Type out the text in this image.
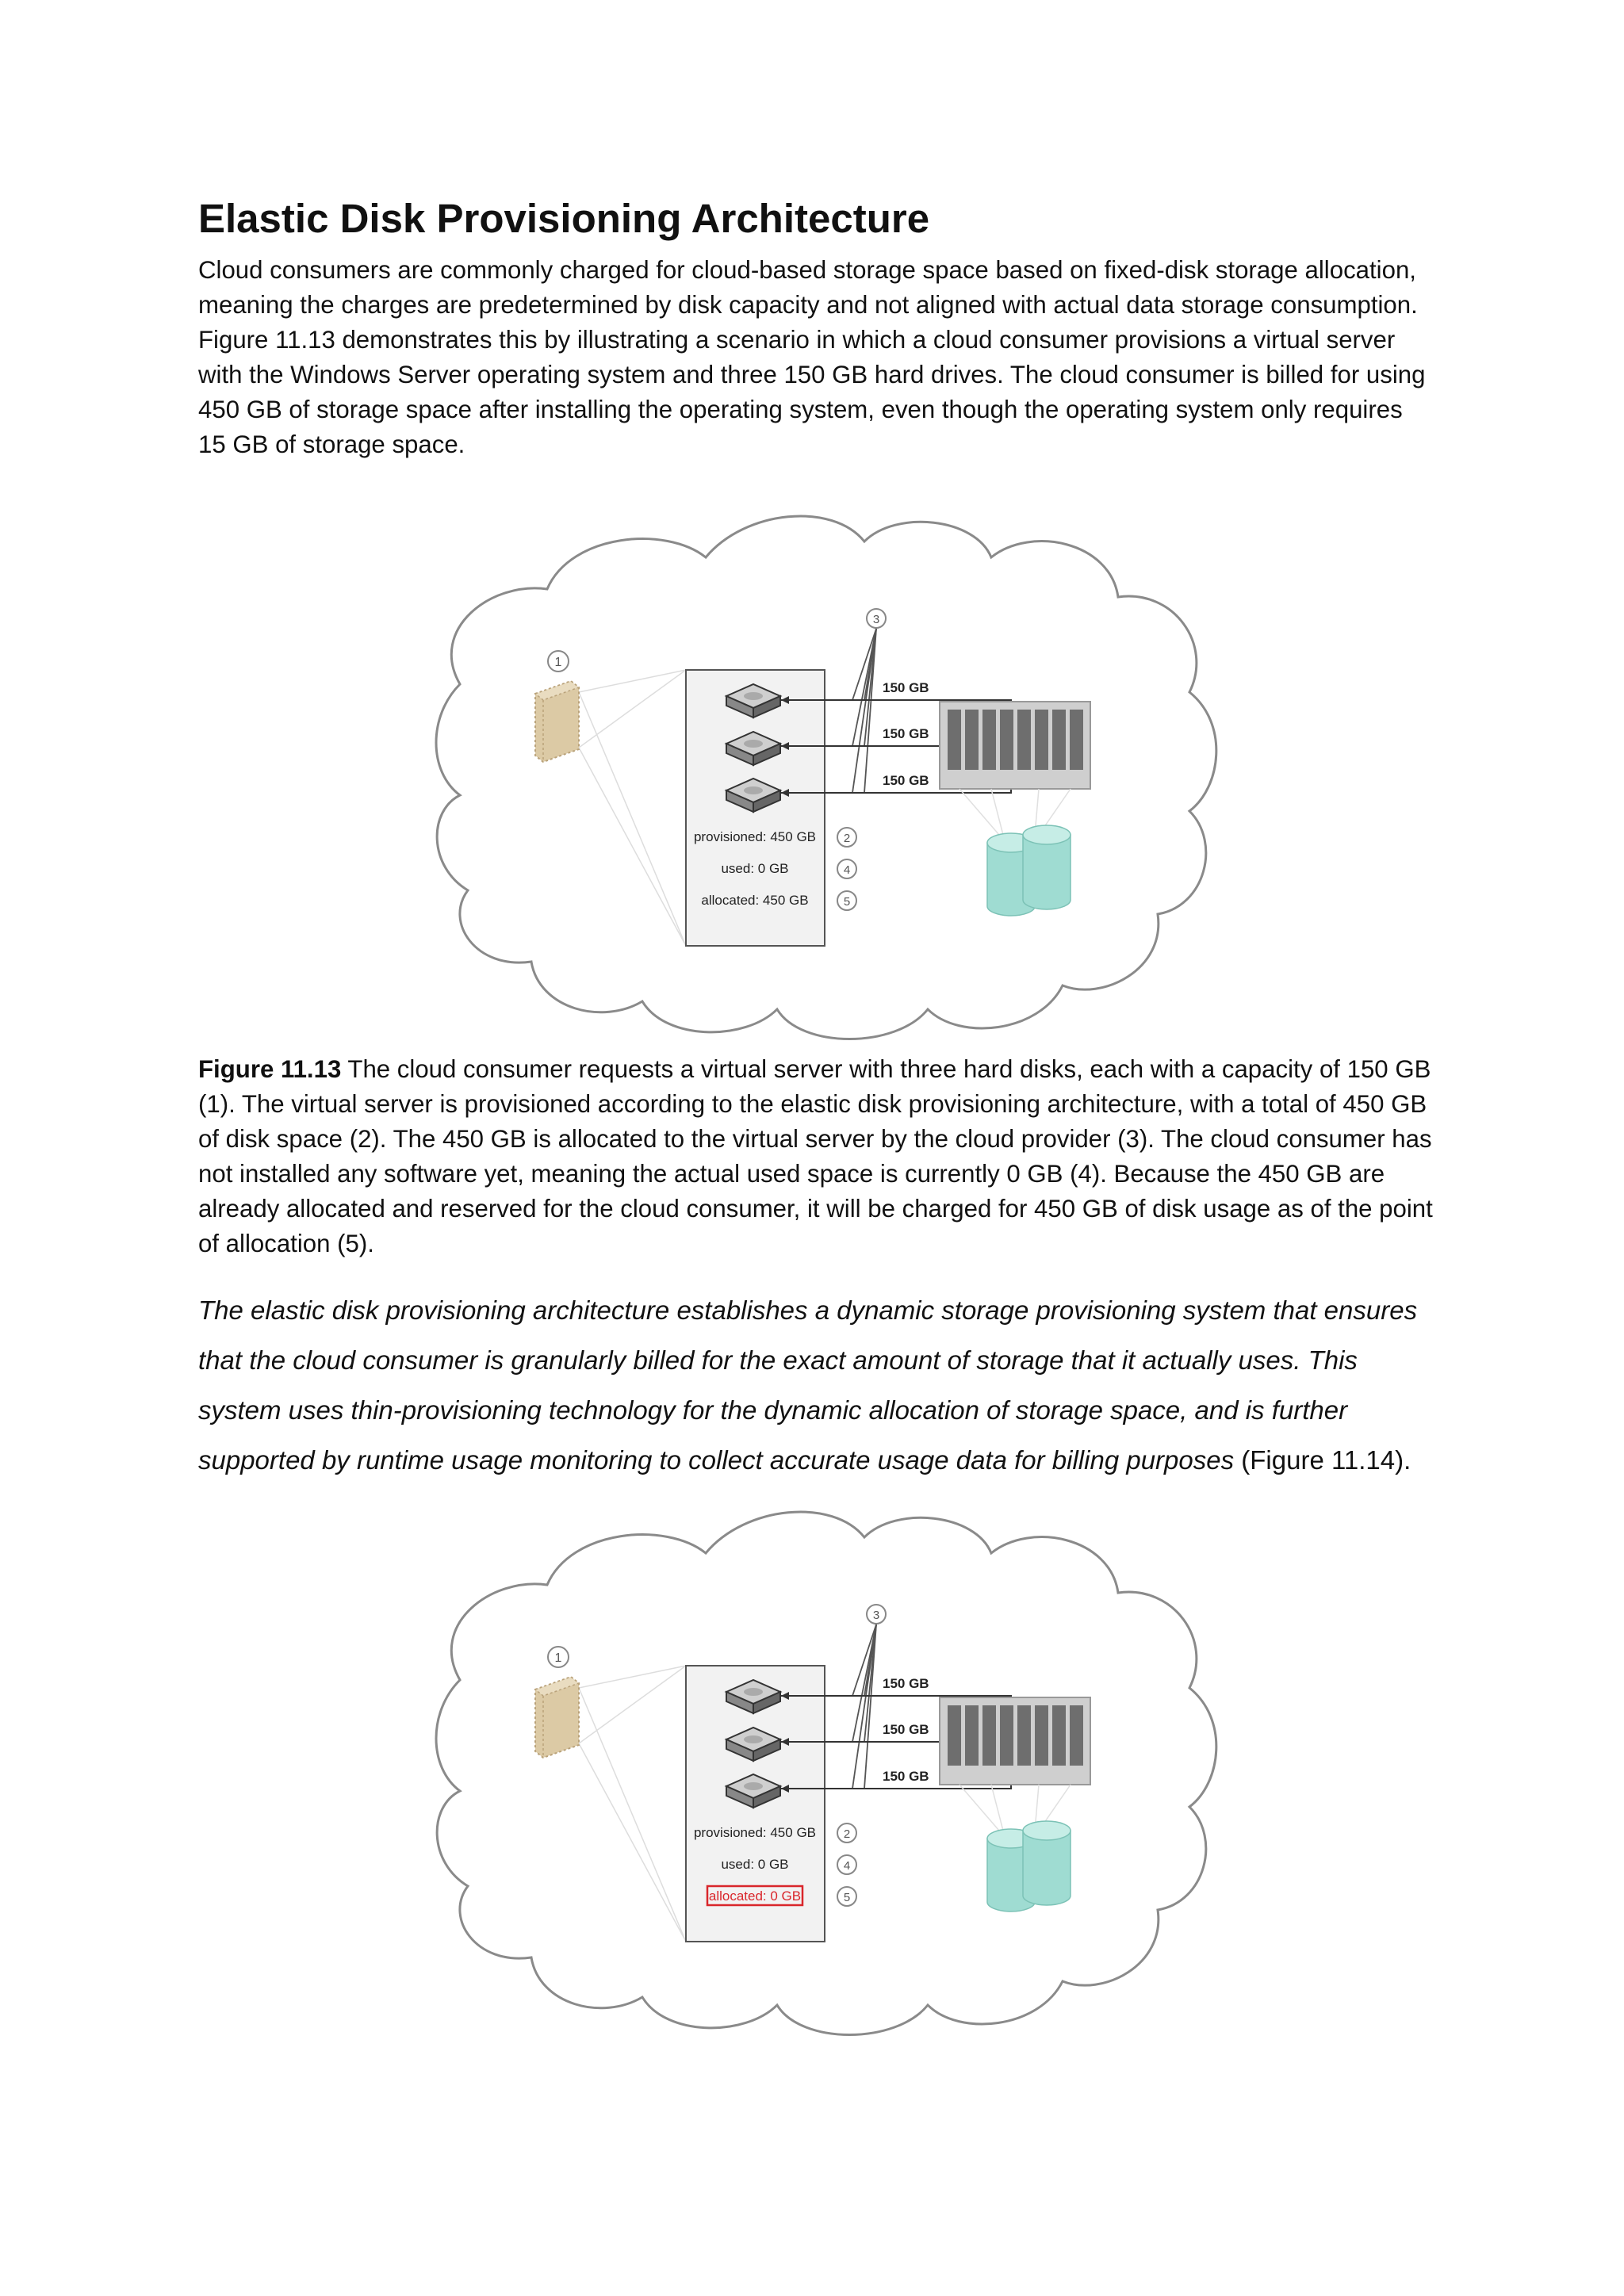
Elastic Disk Provisioning Architecture

Cloud consumers are commonly charged for cloud-based storage space based on fixed-disk storage allocation, meaning the charges are predetermined by disk capacity and not aligned with actual data storage consumption. Figure 11.13 demonstrates this by illustrating a scenario in which a cloud consumer provisions a virtual server with the Windows Server operating system and three 150 GB hard drives. The cloud consumer is billed for using 450 GB of storage space after installing the operating system, even though the operating system only requires 15 GB of storage space.

1
provisioned: 450 GB
used: 0 GB
allocated: 450 GB
2
4
5
3
150 GB
150 GB
150 GB

Figure 11.13 The cloud consumer requests a virtual server with three hard disks, each with a capacity of 150 GB (1). The virtual server is provisioned according to the elastic disk provisioning architecture, with a total of 450 GB of disk space (2). The 450 GB is allocated to the virtual server by the cloud provider (3). The cloud consumer has not installed any software yet, meaning the actual used space is currently 0 GB (4). Because the 450 GB are already allocated and reserved for the cloud consumer, it will be charged for 450 GB of disk usage as of the point of allocation (5).

The elastic disk provisioning architecture establishes a dynamic storage provisioning system that ensures that the cloud consumer is granularly billed for the exact amount of storage that it actually uses. This system uses thin-provisioning technology for the dynamic allocation of storage space, and is further supported by runtime usage monitoring to collect accurate usage data for billing purposes (Figure 11.14).

1
provisioned: 450 GB
used: 0 GB
allocated: 0 GB
2
4
5
3
150 GB
150 GB
150 GB
